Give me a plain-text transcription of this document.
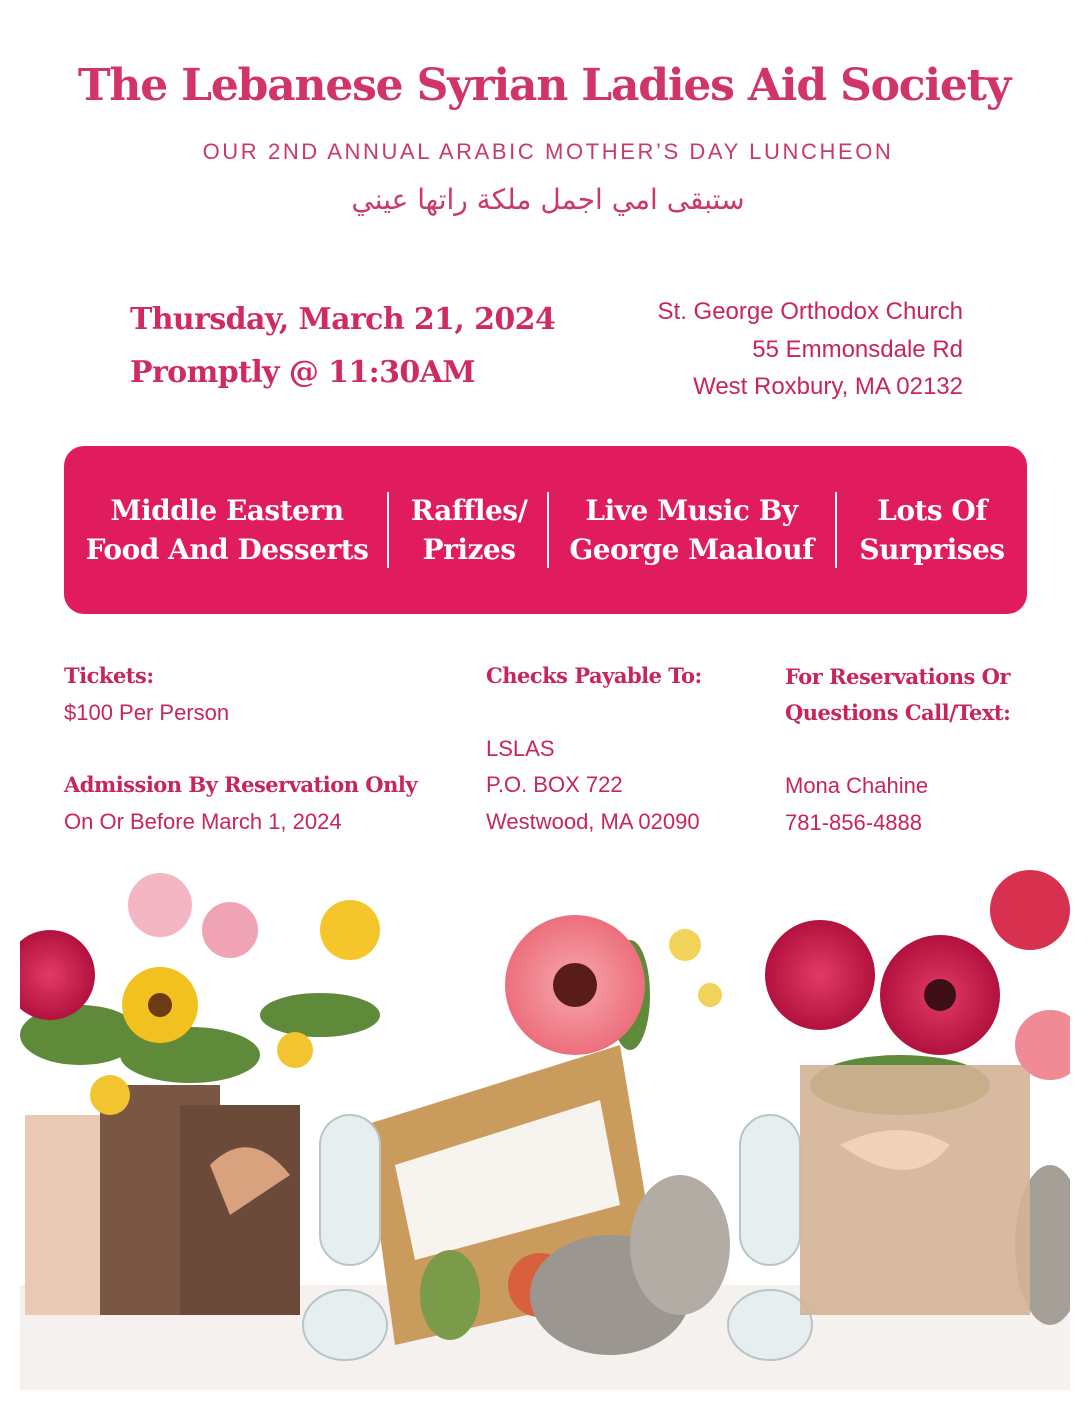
The Lebanese Syrian Ladies Aid Society
OUR 2ND ANNUAL ARABIC MOTHER’S DAY LUNCHEON
ستبقى امي اجمل ملكة راتها عيني
Thursday, March 21, 2024
Promptly @ 11:30AM
St. George Orthodox Church
55 Emmonsdale Rd
West Roxbury, MA 02132
Middle Eastern
Food And Desserts
Raffles/
Prizes
Live Music By
George Maalouf
Lots Of
Surprises
Tickets:
$100 Per Person
Admission By Reservation Only
On Or Before March 1, 2024
Checks Payable To:
LSLAS
P.O. BOX 722
Westwood, MA 02090
For Reservations Or
Questions Call/Text:
Mona Chahine
781-856-4888
